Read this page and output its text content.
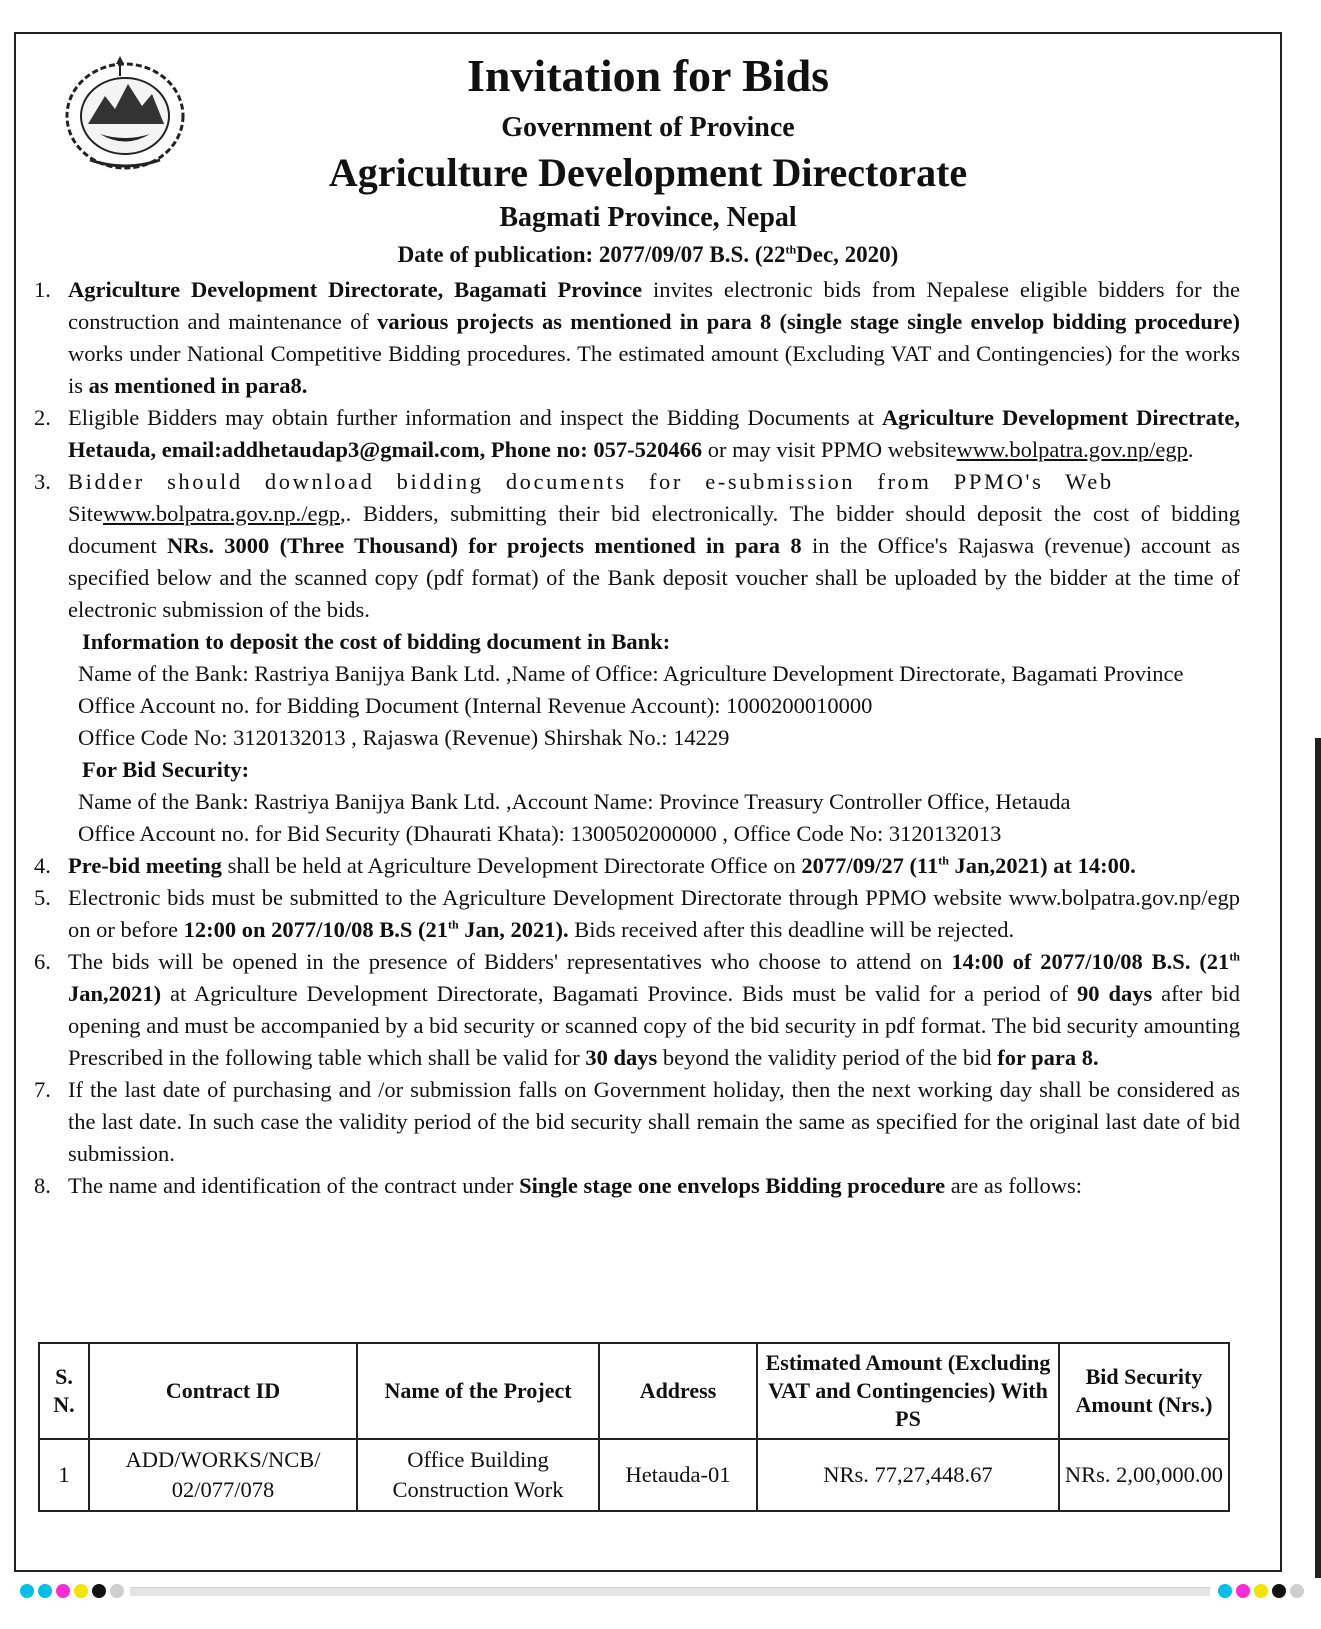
Invitation for Bids
Government of Province
Agriculture Development Directorate
Bagmati Province, Nepal
Date of publication: 2077/09/07 B.S. (22thDec, 2020)
1. Agriculture Development Directorate, Bagamati Province invites electronic bids from Nepalese eligible bidders for the construction and maintenance of various projects as mentioned in para 8 (single stage single envelop bidding procedure) works under National Competitive Bidding procedures. The estimated amount (Excluding VAT and Contingencies) for the works is as mentioned in para8.
2. Eligible Bidders may obtain further information and inspect the Bidding Documents at Agriculture Development Directrate, Hetauda, email:addhetaudap3@gmail.com, Phone no: 057-520466 or may visit PPMO websitewww.bolpatra.gov.np/egp.
3. Bidder should download bidding documents for e-submission from PPMO's Web
Sitewww.bolpatra.gov.np./egp,. Bidders, submitting their bid electronically. The bidder should deposit the cost of bidding document NRs. 3000 (Three Thousand) for projects mentioned in para 8 in the Office's Rajaswa (revenue) account as specified below and the scanned copy (pdf format) of the Bank deposit voucher shall be uploaded by the bidder at the time of electronic submission of the bids.
Information to deposit the cost of bidding document in Bank:
Name of the Bank: Rastriya Banijya Bank Ltd. ,Name of Office: Agriculture Development Directorate, Bagamati Province
Office Account no. for Bidding Document (Internal Revenue Account): 1000200010000
Office Code No: 3120132013 , Rajaswa (Revenue) Shirshak No.: 14229
For Bid Security:
Name of the Bank: Rastriya Banijya Bank Ltd. ,Account Name: Province Treasury Controller Office, Hetauda
Office Account no. for Bid Security (Dhaurati Khata): 1300502000000 , Office Code No: 3120132013
4. Pre-bid meeting shall be held at Agriculture Development Directorate Office on 2077/09/27 (11th Jan,2021) at 14:00.
5. Electronic bids must be submitted to the Agriculture Development Directorate through PPMO website www.bolpatra.gov.np/egp on or before 12:00 on 2077/10/08 B.S (21th Jan, 2021). Bids received after this deadline will be rejected.
6. The bids will be opened in the presence of Bidders' representatives who choose to attend on 14:00 of 2077/10/08 B.S. (21th Jan,2021) at Agriculture Development Directorate, Bagamati Province. Bids must be valid for a period of 90 days after bid opening and must be accompanied by a bid security or scanned copy of the bid security in pdf format. The bid security amounting Prescribed in the following table which shall be valid for 30 days beyond the validity period of the bid for para 8.
7. If the last date of purchasing and /or submission falls on Government holiday, then the next working day shall be considered as the last date. In such case the validity period of the bid security shall remain the same as specified for the original last date of bid submission.
8. The name and identification of the contract under Single stage one envelops Bidding procedure are as follows:
S. N.	Contract ID	Name of the Project	Address	Estimated Amount (Excluding VAT and Contingencies) With PS	Bid Security Amount (Nrs.)
1	ADD/WORKS/NCB/ 02/077/078	Office Building Construction Work	Hetauda-01	NRs. 77,27,448.67	NRs. 2,00,000.00
